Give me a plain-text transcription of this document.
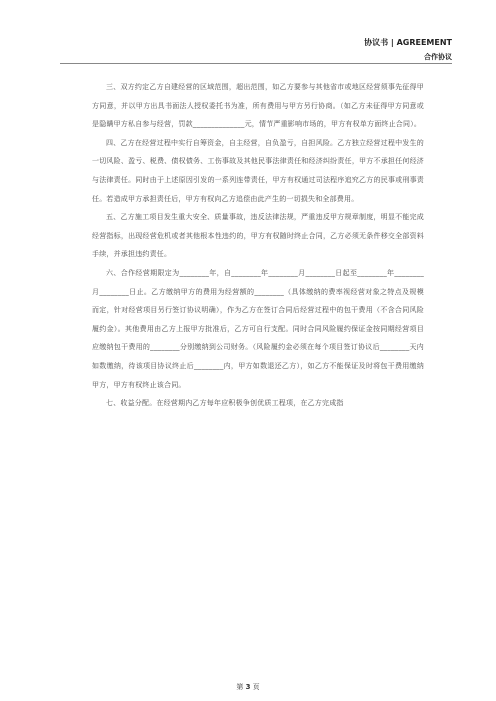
协议书 | AGREEMENT
合作协议

三、双方约定乙方自建经营的区域范围，超出范围，如乙方要参与其他省市或地区经营须事先征得甲方同意，并以甲方出具书面法人授权委托书为准，所有费用与甲方另行协商。（如乙方未征得甲方同意或是隐瞒甲方私自参与经营，罚款______________元，情节严重影响市场的，甲方有权单方面终止合同）。

四、乙方在经营过程中实行自筹资金，自主经营，自负盈亏，自担风险。乙方独立经营过程中发生的一切风险、盈亏、税费、债权债务、工伤事故及其他民事法律责任和经济纠纷责任，甲方不承担任何经济与法律责任。同时由于上述原因引发的一系列连带责任，甲方有权通过司法程序追究乙方的民事或刑事责任。若造成甲方承担责任后，甲方有权向乙方追偿由此产生的一切损失和全部费用。

五、乙方施工项目发生重大安全、质量事故，违反法律法规，严重违反甲方规章制度，明显不能完成经营指标，出现经营危机或者其他根本性违约的，甲方有权随时终止合同，乙方必须无条件移交全部资料手续，并承担违约责任。

六、合作经营期限定为________年，自________年________月________日起至________年________月________日止。乙方缴纳甲方的费用为经营额的________（具体缴纳的费率视经营对象之特点及规模而定，针对经营项目另行签订协议明确），作为乙方在签订合同后经营过程中的包干费用（不含合同风险履约金）。其他费用由乙方上报甲方批准后，乙方可自行支配。同时合同风险履约保证金按同期经营项目应缴纳包干费用的________分别缴纳到公司财务。（风险履约金必须在每个项目签订协议后________天内如数缴纳，待该项目协议终止后________内，甲方如数退还乙方），如乙方不能保证及时将包干费用缴纳甲方，甲方有权终止该合同。

七、收益分配。在经营期内乙方每年应积极争创优质工程项，在乙方完成指

第 3 页
